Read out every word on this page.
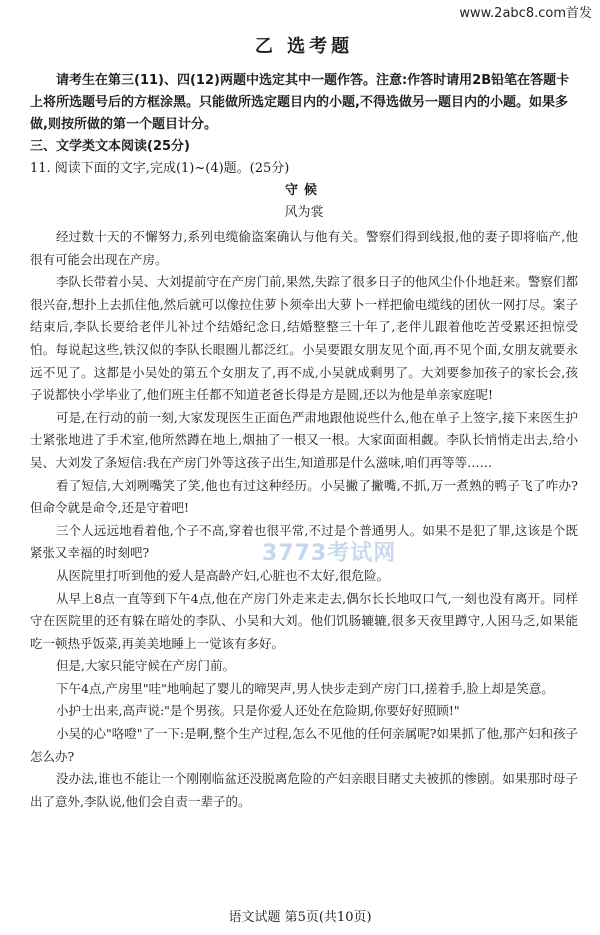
www.2abc8.com首发
乙 选考题

请考生在第三(11)、四(12)两题中选定其中一题作答。注意:作答时请用2B铅笔在答题卡上将所选题号后的方框涂黑。只能做所选定题目内的小题,不得选做另一题目内的小题。如果多做,则按所做的第一个题目计分。

三、文学类文本阅读(25分)

11. 阅读下面的文字,完成(1)~(4)题。(25分)

守候

风为裳

经过数十天的不懈努力,系列电缆偷盗案确认与他有关。警察们得到线报,他的妻子即将临产,他很有可能会出现在产房。

李队长带着小吴、大刘提前守在产房门前,果然,失踪了很多日子的他风尘仆仆地赶来。警察们都很兴奋,想扑上去抓住他,然后就可以像拉住萝卜须牵出大萝卜一样把偷电缆线的团伙一网打尽。案子结束后,李队长要给老伴儿补过个结婚纪念日,结婚整整三十年了,老伴儿跟着他吃苦受累还担惊受怕。每说起这些,铁汉似的李队长眼圈儿都泛红。小吴要跟女朋友见个面,再不见个面,女朋友就要永远不见了。这都是小吴处的第五个女朋友了,再不成,小吴就成剩男了。大刘要参加孩子的家长会,孩子说都快小学毕业了,他们班主任都不知道老爸长得是方是圆,还以为他是单亲家庭呢!

可是,在行动的前一刻,大家发现医生正面色严肃地跟他说些什么,他在单子上签字,接下来医生护士紧张地进了手术室,他所然蹲在地上,烟抽了一根又一根。大家面面相觑。李队长悄悄走出去,给小吴、大刘发了条短信:我在产房门外等这孩子出生,知道那是什么滋味,咱们再等等……

看了短信,大刘咧嘴笑了笑,他也有过这种经历。小吴撇了撇嘴,不抓,万一煮熟的鸭子飞了咋办?但命令就是命令,还是守着吧!

三个人远远地看着他,个子不高,穿着也很平常,不过是个普通男人。如果不是犯了罪,这该是个既紧张又幸福的时刻吧?

从医院里打听到他的爱人是高龄产妇,心脏也不太好,很危险。

从早上8点一直等到下午4点,他在产房门外走来走去,偶尔长长地叹口气,一刻也没有离开。同样守在医院里的还有躲在暗处的李队、小吴和大刘。他们饥肠辘辘,很多天夜里蹲守,人困马乏,如果能吃一顿热乎饭菜,再美美地睡上一觉该有多好。

但是,大家只能守候在产房门前。

下午4点,产房里"哇"地响起了婴儿的啼哭声,男人快步走到产房门口,搓着手,脸上却是笑意。

小护士出来,高声说:"是个男孩。只是你爱人还处在危险期,你要好好照顾!"

小吴的心"咯噔"了一下:是啊,整个生产过程,怎么不见他的任何亲属呢?如果抓了他,那产妇和孩子怎么办?

没办法,谁也不能让一个刚刚临盆还没脱离危险的产妇亲眼目睹丈夫被抓的惨剧。如果那时母子出了意外,李队说,他们会自责一辈子的。

3773考试网
语文试题 第5页(共10页)
